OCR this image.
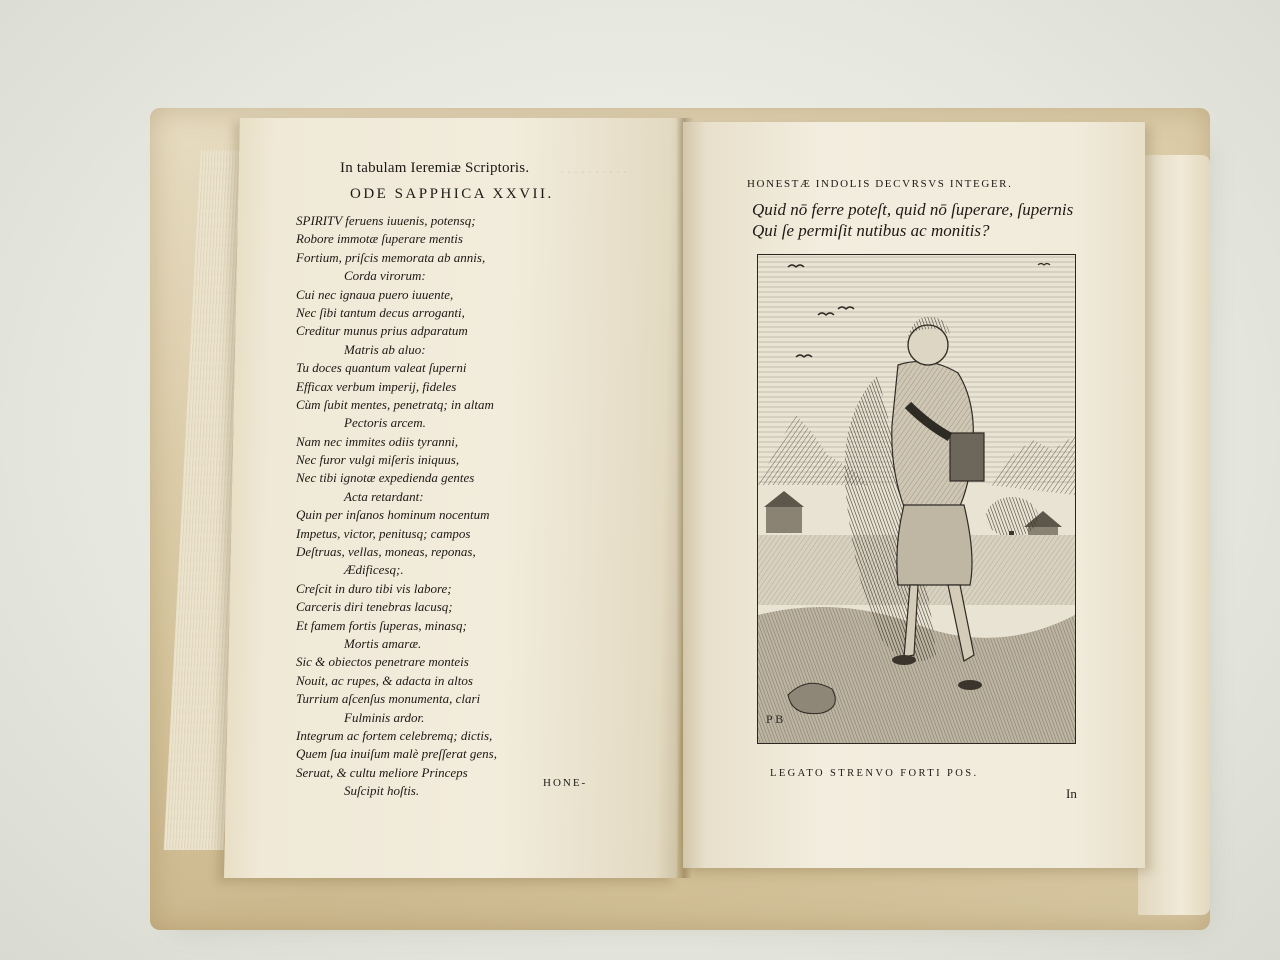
· · · · · · · · · ·
In tabulam Ieremiæ Scriptoris.
ODE SAPPHICA XXVII.
SPIRITV feruens iuuenis, potensq;
Robore immotæ ſuperare mentis
Fortium, priſcis memorata ab annis,
Corda virorum:
Cui nec ignaua puero iuuente,
Nec ſibi tantum decus arroganti,
Creditur munus prius adparatum
Matris ab aluo:
Tu doces quantum valeat ſuperni
Efficax verbum imperij, fideles
Cùm ſubit mentes, penetratq; in altam
Pectoris arcem.
Nam nec immites odiis tyranni,
Nec furor vulgi miſeris iniquus,
Nec tibi ignotæ expedienda gentes
Acta retardant:
Quin per inſanos hominum nocentum
Impetus, victor, penitusq; campos
Deſtruas, vellas, moneas, reponas,
Ædificesq;.
Creſcit in duro tibi vis labore;
Carceris diri tenebras lacusq;
Et famem fortis ſuperas, minasq;
Mortis amaræ.
Sic & obiectos penetrare monteis
Nouit, ac rupes, & adacta in altos
Turrium aſcenſus monumenta, clari
Fulminis ardor.
Integrum ac fortem celebremq; dictis,
Quem ſua inuiſum malè preſſerat gens,
Seruat, & cultu meliore Princeps
Suſcipit hoſtis.
HONE-
HONESTÆ INDOLIS DECVRSVS INTEGER.
Quid nō ferre poteſt, quid nō ſuperare, ſupernis
Qui ſe permiſit nutibus ac monitis?
P B
LEGATO STRENVO FORTI POS.
In
